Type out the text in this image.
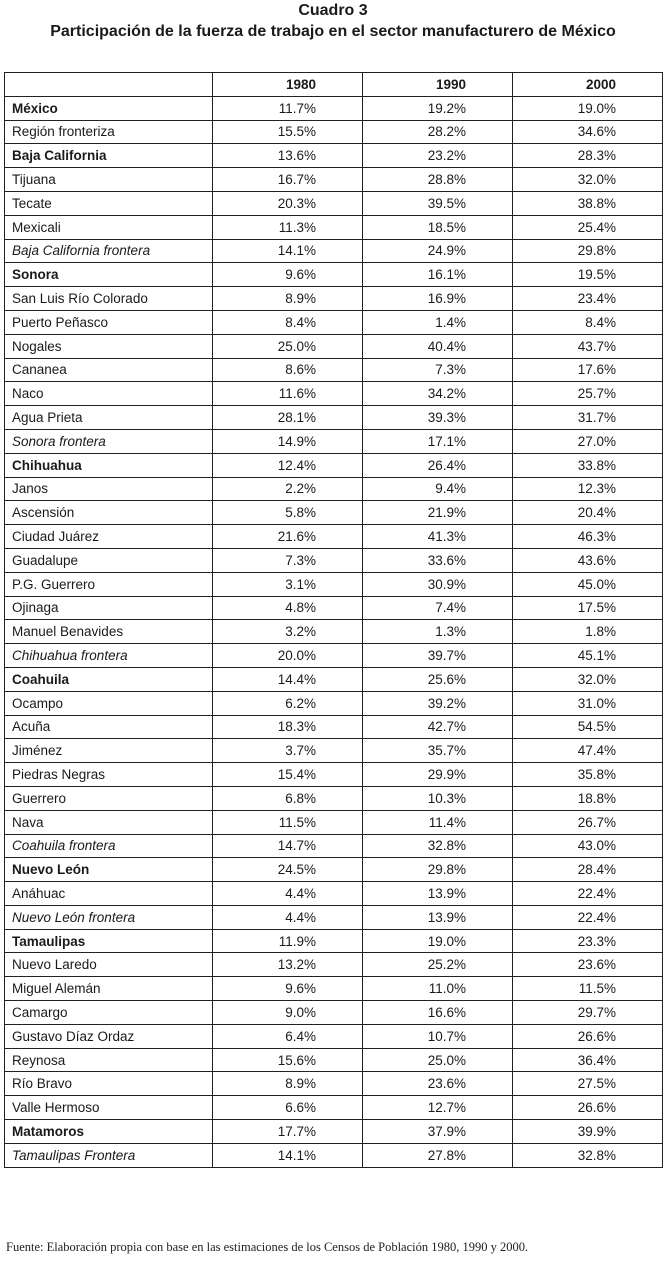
Cuadro 3
Participación de la fuerza de trabajo en el sector manufacturero de México
	1980	1990	2000
México	11.7%	19.2%	19.0%
Región fronteriza	15.5%	28.2%	34.6%
Baja California	13.6%	23.2%	28.3%
Tijuana	16.7%	28.8%	32.0%
Tecate	20.3%	39.5%	38.8%
Mexicali	11.3%	18.5%	25.4%
Baja California frontera	14.1%	24.9%	29.8%
Sonora	9.6%	16.1%	19.5%
San Luis Río Colorado	8.9%	16.9%	23.4%
Puerto Peñasco	8.4%	1.4%	8.4%
Nogales	25.0%	40.4%	43.7%
Cananea	8.6%	7.3%	17.6%
Naco	11.6%	34.2%	25.7%
Agua Prieta	28.1%	39.3%	31.7%
Sonora frontera	14.9%	17.1%	27.0%
Chihuahua	12.4%	26.4%	33.8%
Janos	2.2%	9.4%	12.3%
Ascensión	5.8%	21.9%	20.4%
Ciudad Juárez	21.6%	41.3%	46.3%
Guadalupe	7.3%	33.6%	43.6%
P.G. Guerrero	3.1%	30.9%	45.0%
Ojinaga	4.8%	7.4%	17.5%
Manuel Benavides	3.2%	1.3%	1.8%
Chihuahua frontera	20.0%	39.7%	45.1%
Coahuila	14.4%	25.6%	32.0%
Ocampo	6.2%	39.2%	31.0%
Acuña	18.3%	42.7%	54.5%
Jiménez	3.7%	35.7%	47.4%
Piedras Negras	15.4%	29.9%	35.8%
Guerrero	6.8%	10.3%	18.8%
Nava	11.5%	11.4%	26.7%
Coahuila frontera	14.7%	32.8%	43.0%
Nuevo León	24.5%	29.8%	28.4%
Anáhuac	4.4%	13.9%	22.4%
Nuevo León frontera	4.4%	13.9%	22.4%
Tamaulipas	11.9%	19.0%	23.3%
Nuevo Laredo	13.2%	25.2%	23.6%
Miguel Alemán	9.6%	11.0%	11.5%
Camargo	9.0%	16.6%	29.7%
Gustavo Díaz Ordaz	6.4%	10.7%	26.6%
Reynosa	15.6%	25.0%	36.4%
Río Bravo	8.9%	23.6%	27.5%
Valle Hermoso	6.6%	12.7%	26.6%
Matamoros	17.7%	37.9%	39.9%
Tamaulipas Frontera	14.1%	27.8%	32.8%
Fuente: Elaboración propia con base en las estimaciones de los Censos de Población 1980, 1990 y 2000.
